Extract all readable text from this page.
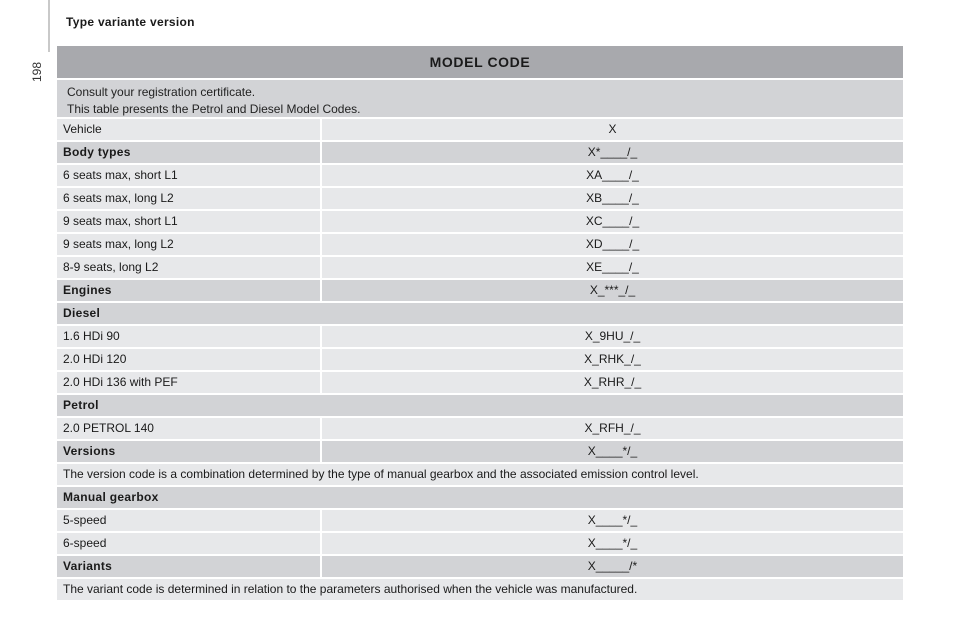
198
Type variante version
MODEL CODE
Consult your registration certificate.
This table presents the Petrol and Diesel Model Codes.
Vehicle	X
Body types	X*____/_
6 seats max, short L1	XA____/_
6 seats max, long L2	XB____/_
9 seats max, short L1	XC____/_
9 seats max, long L2	XD____/_
8-9 seats, long L2	XE____/_
Engines	X_***_/_
Diesel
1.6 HDi 90	X_9HU_/_
2.0 HDi 120	X_RHK_/_
2.0 HDi 136 with PEF	X_RHR_/_
Petrol
2.0 PETROL 140	X_RFH_/_
Versions	X____*/_
The version code is a combination determined by the type of manual gearbox and the associated emission control level.
Manual gearbox
5-speed	X____*/_
6-speed	X____*/_
Variants	X_____/*
The variant code is determined in relation to the parameters authorised when the vehicle was manufactured.
